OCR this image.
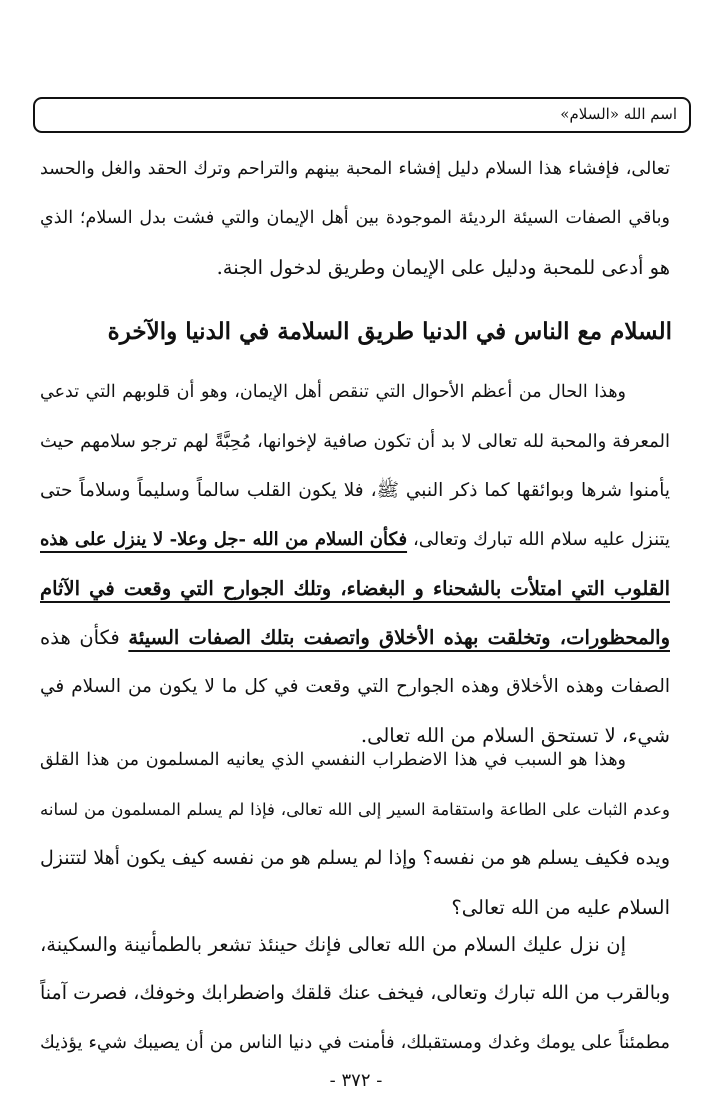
اسم الله «السلام»
تعالى، فإفشاء هذا السلام دليل إفشاء المحبة بينهم والتراحم وترك الحقد والغل والحسد
وباقي الصفات السيئة الرديئة الموجودة بين أهل الإيمان والتي فشت بدل السلام؛ الذي
هو أدعى للمحبة ودليل على الإيمان وطريق لدخول الجنة.
السلام مع الناس في الدنيا طريق السلامة في الدنيا والآخرة
وهذا الحال من أعظم الأحوال التي تنقص أهل الإيمان، وهو أن قلوبهم التي تدعي
المعرفة والمحبة لله تعالى لا بد أن تكون صافية لإخوانها، مُحِبَّةً لهم ترجو سلامهم حيث
يأمنوا شرها وبوائقها كما ذكر النبي ﷺ، فلا يكون القلب سالماً وسليماً وسلاماً حتى
يتنزل عليه سلام الله تبارك وتعالى، فكأن السلام من الله -جل وعلا- لا ينزل على هذه
القلوب التي امتلأت بالشحناء و البغضاء، وتلك الجوارح التي وقعت في الآثام
والمحظورات، وتخلقت بهذه الأخلاق واتصفت بتلك الصفات السيئة فكأن هذه
الصفات وهذه الأخلاق وهذه الجوارح التي وقعت في كل ما لا يكون من السلام في
شيء، لا تستحق السلام من الله تعالى.
وهذا هو السبب في هذا الاضطراب النفسي الذي يعانيه المسلمون من هذا القلق
وعدم الثبات على الطاعة واستقامة السير إلى الله تعالى، فإذا لم يسلم المسلمون من لسانه
ويده فكيف يسلم هو من نفسه؟ وإذا لم يسلم هو من نفسه كيف يكون أهلا لتتنزل
السلام عليه من الله تعالى؟
إن نزل عليك السلام من الله تعالى فإنك حينئذ تشعر بالطمأنينة والسكينة،
وبالقرب من الله تبارك وتعالى، فيخف عنك قلقك واضطرابك وخوفك، فصرت آمناً
مطمئناً على يومك وغدك ومستقبلك، فأمنت في دنيا الناس من أن يصيبك شيء يؤذيك
- ٣٧٢ -
